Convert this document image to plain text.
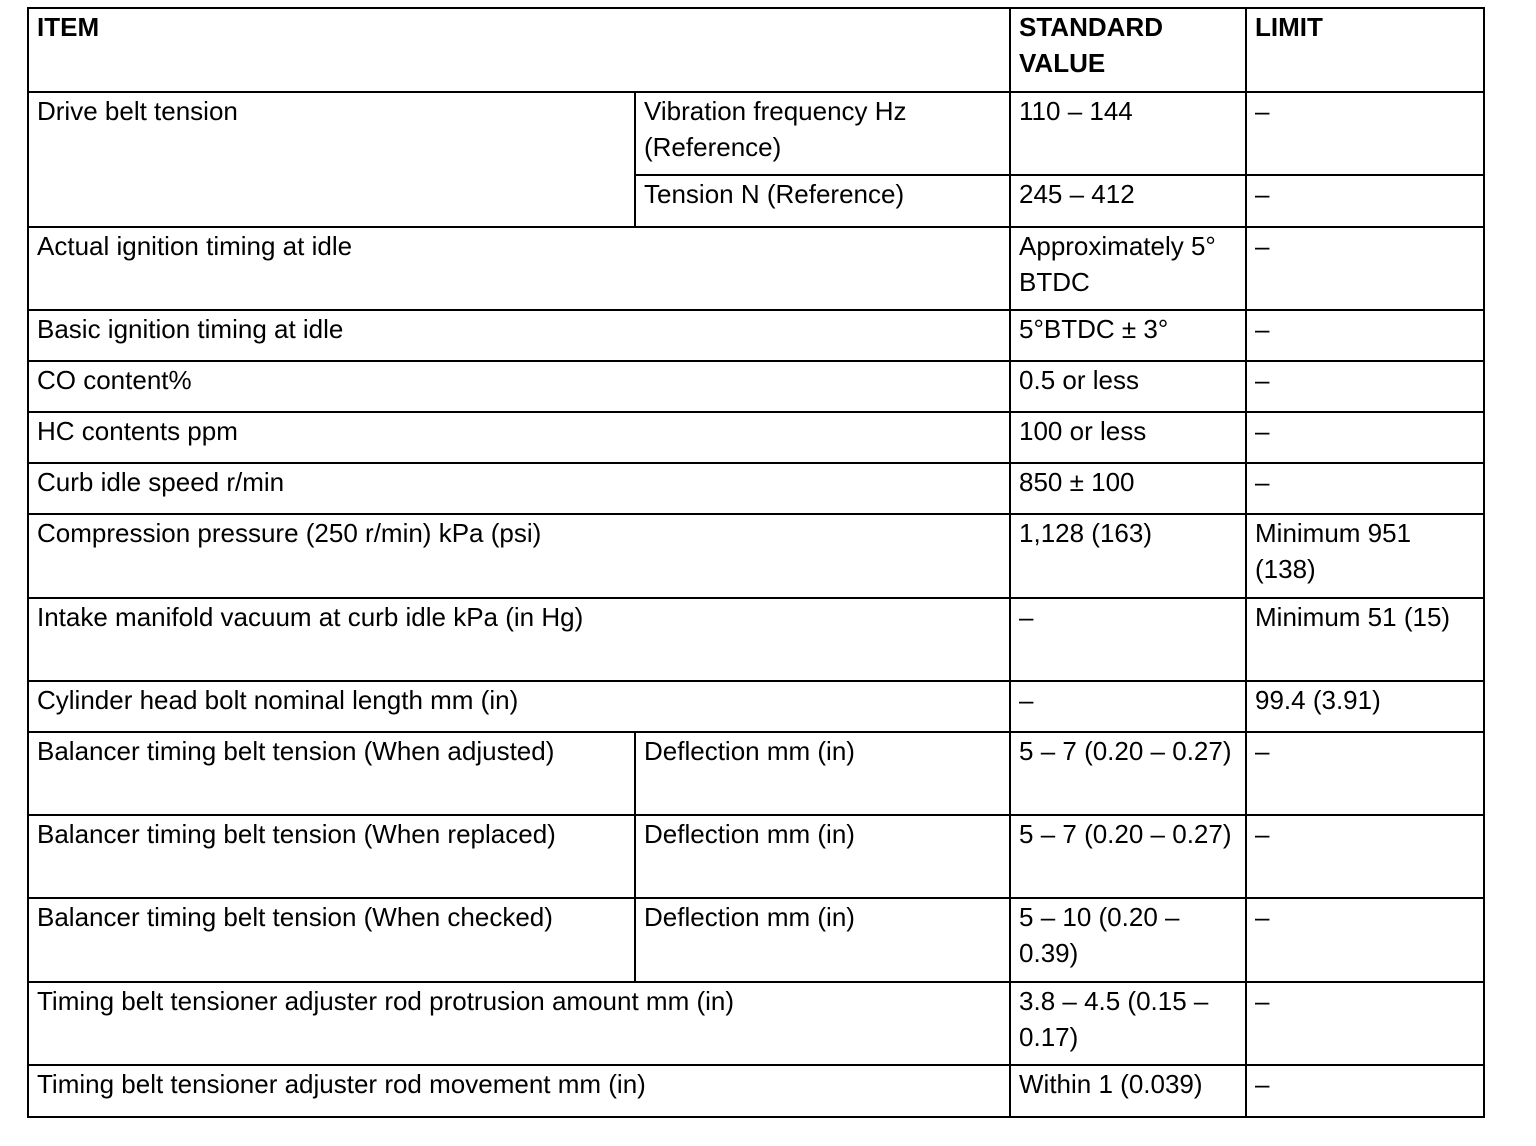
ITEM		STANDARD VALUE	LIMIT
Drive belt tension	Vibration frequency Hz (Reference)	110 – 144	–
	Tension N (Reference)	245 – 412	–
Actual ignition timing at idle		Approximately 5° BTDC	–
Basic ignition timing at idle		5°BTDC ± 3°	–
CO content%		0.5 or less	–
HC contents ppm		100 or less	–
Curb idle speed r/min		850 ± 100	–
Compression pressure (250 r/min) kPa (psi)		1,128 (163)	Minimum 951 (138)
Intake manifold vacuum at curb idle kPa (in Hg)		–	Minimum 51 (15)
Cylinder head bolt nominal length mm (in)		–	99.4 (3.91)
Balancer timing belt tension (When adjusted)	Deflection mm (in)	5 – 7 (0.20 – 0.27)	–
Balancer timing belt tension (When replaced)	Deflection mm (in)	5 – 7 (0.20 – 0.27)	–
Balancer timing belt tension (When checked)	Deflection mm (in)	5 – 10 (0.20 – 0.39)	–
Timing belt tensioner adjuster rod protrusion amount mm (in)		3.8 – 4.5 (0.15 – 0.17)	–
Timing belt tensioner adjuster rod movement mm (in)		Within 1 (0.039)	–
